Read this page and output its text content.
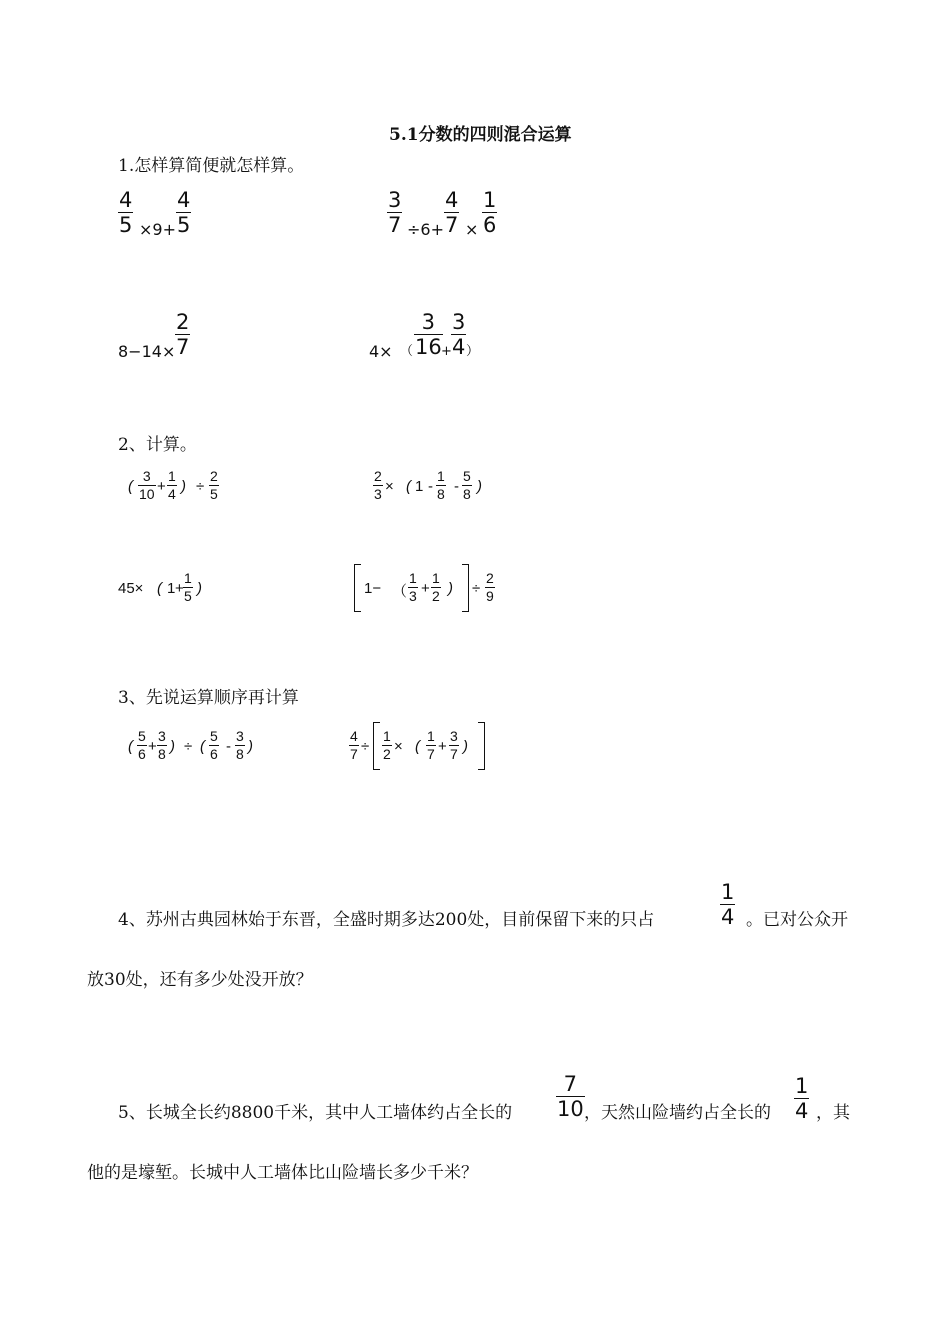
5.1分数的四则混合运算
1.怎样算简便就怎样算。
4
5 ×9+
4
5
3
7 ÷6+
4
7 ×
1
6
8−14×
2
7	4× （
3
16 +
3
4 ）
2、计算。
(
3
10 +
1
4 ) ÷
2
5
2
3 × ( 1 -
1
8 -
5
8 )
45× ( 1 +
1
5 )	1− （
1
3 +
1
2 ) ÷
2
9
3、先说运算顺序再计算
(
5
6 +
3
8 ) ÷ (
5
6 -
3
8 )
4
7 ÷
1
2 × (
1
7 +
3
7 )
4、苏州古典园林始于东晋，全盛时期多达200处，目前保留下来的只占
1
4 。已对公众开
放30处，还有多少处没开放？
5、长城全长约8800千米，其中人工墙体约占全长的
7
10 ，天然山险墙约占全长的
1
4 ，其
他的是壕堑。长城中人工墙体比山险墙长多少千米？
